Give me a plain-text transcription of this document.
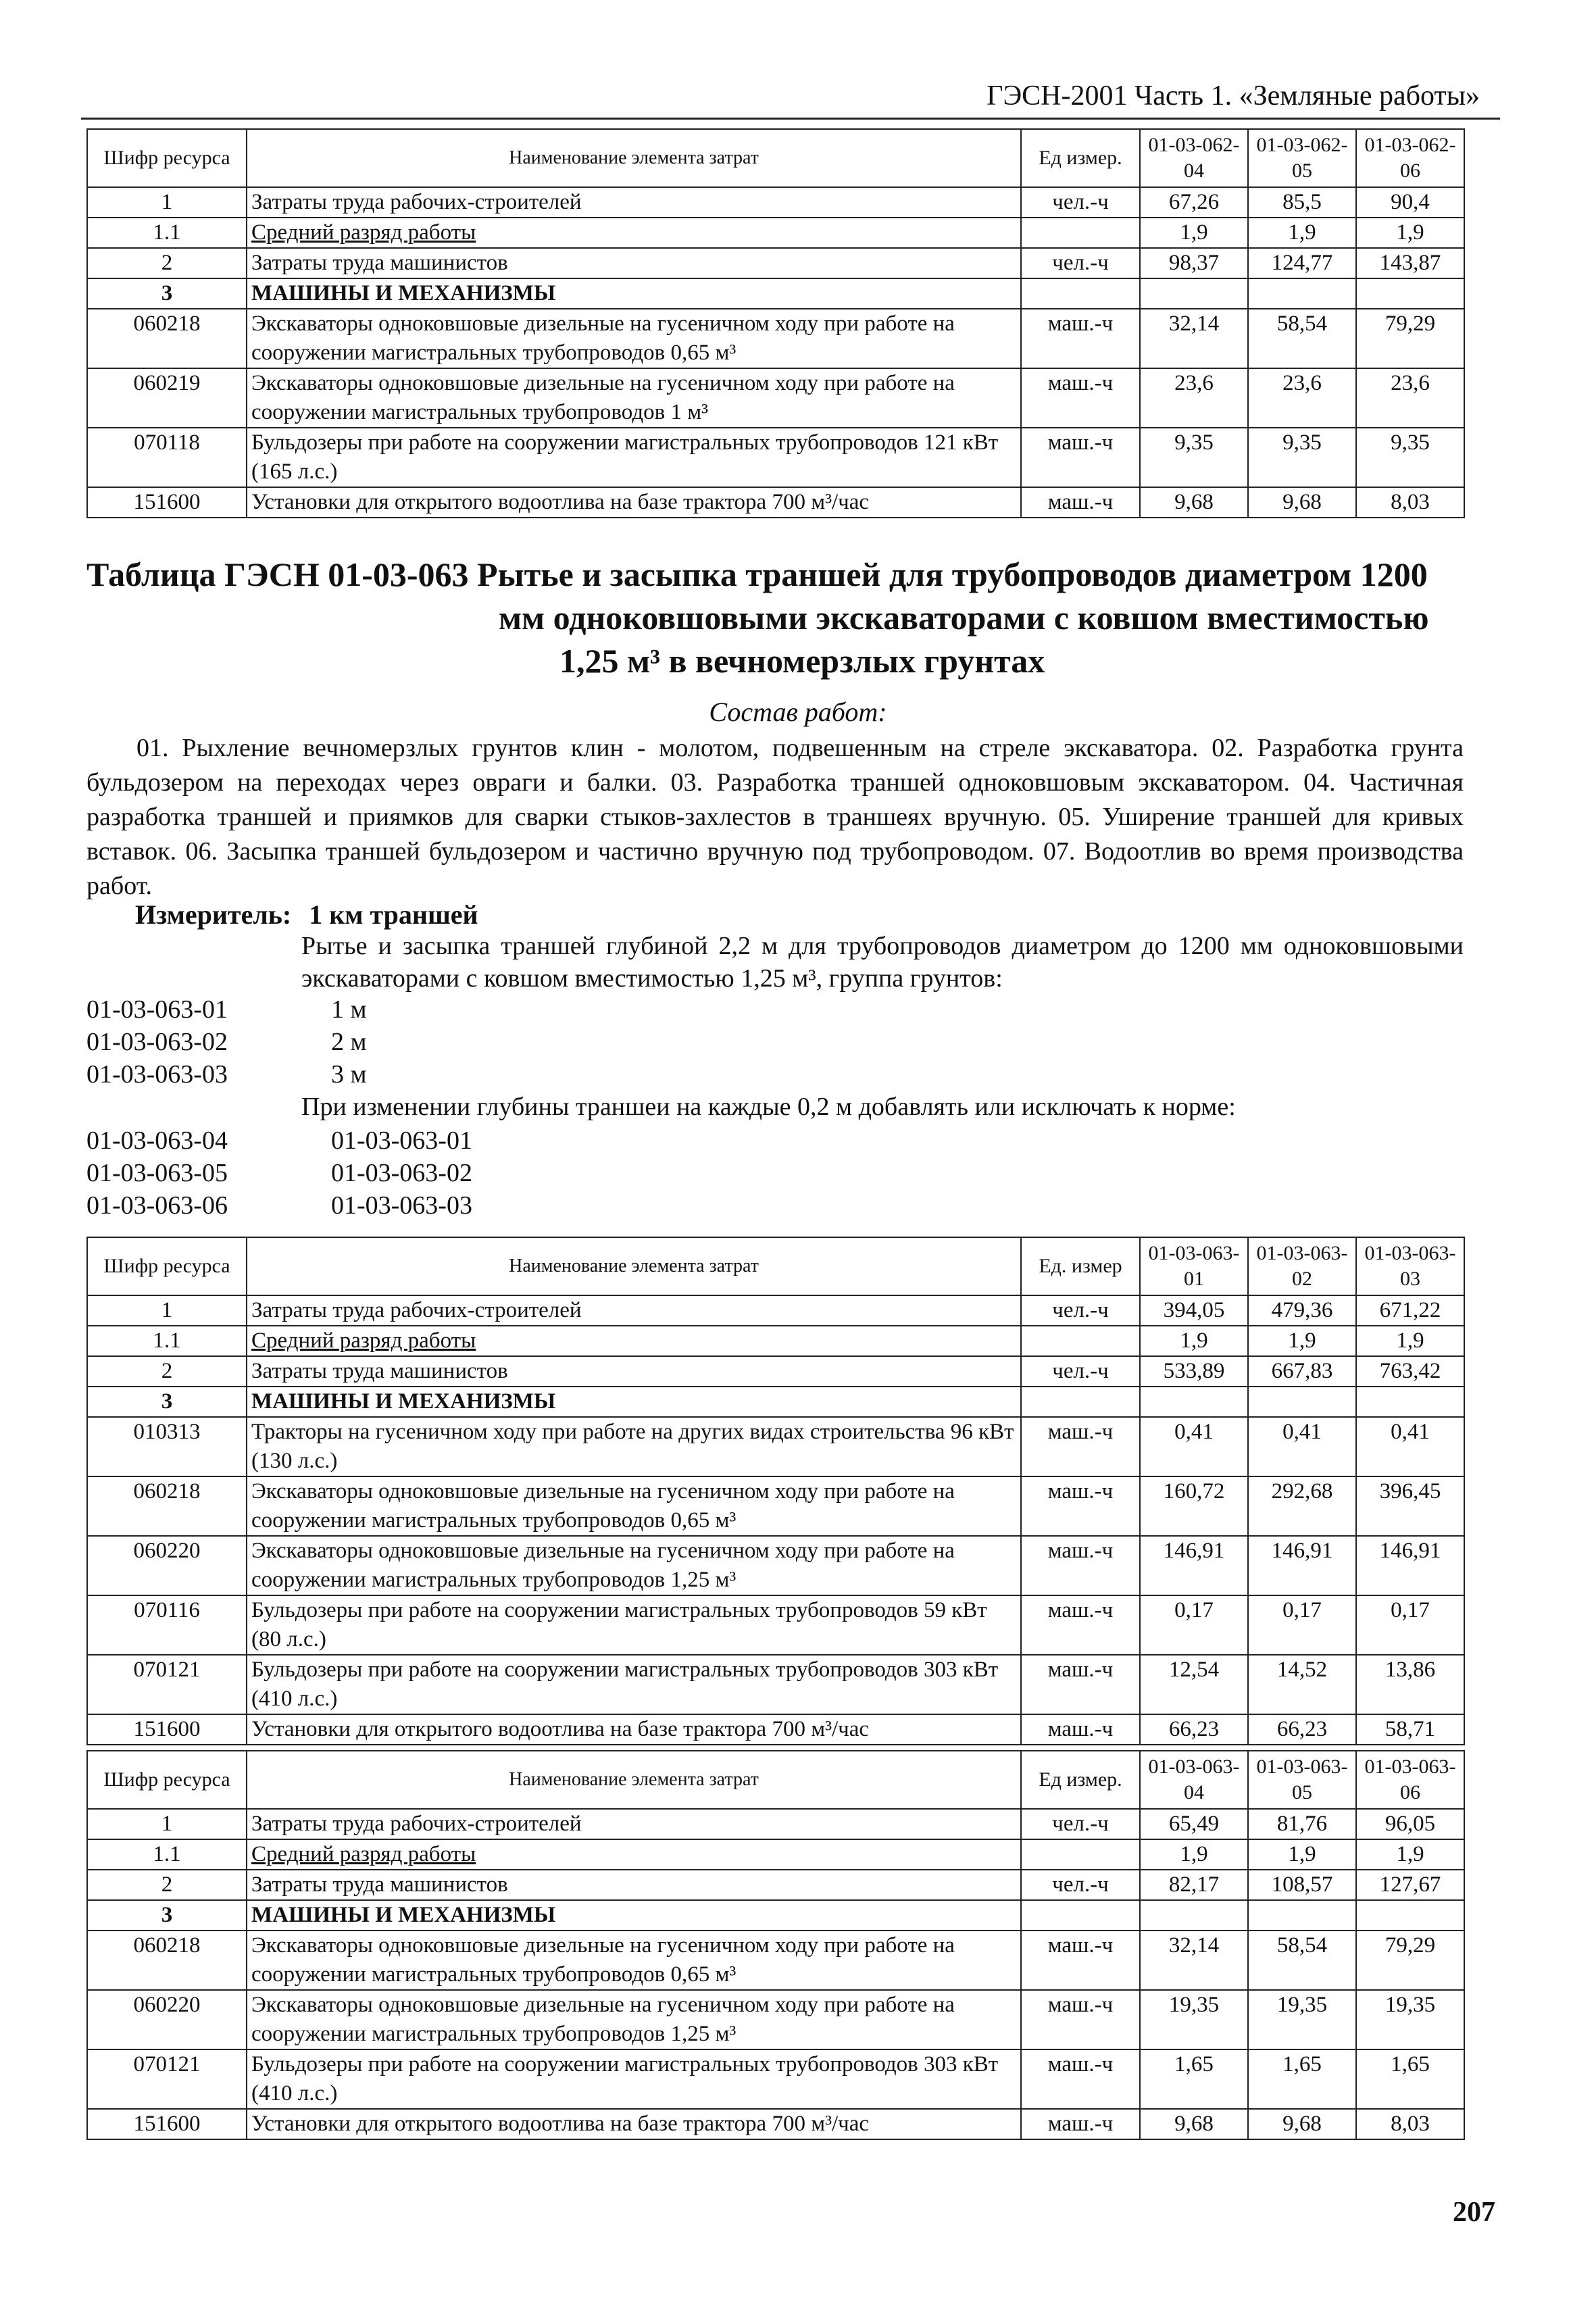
ГЭСН-2001 Часть 1. «Земляные работы»
Шифр ресурса	Наименование элемента затрат	Ед измер.	01-03-062-04	01-03-062-05	01-03-062-06
1	Затраты труда рабочих-строителей	чел.-ч	67,26	85,5	90,4
1.1	Средний разряд работы		1,9	1,9	1,9
2	Затраты труда машинистов	чел.-ч	98,37	124,77	143,87
3	МАШИНЫ И МЕХАНИЗМЫ				
060218	Экскаваторы одноковшовые дизельные на гусеничном ходу при работе на сооружении магистральных трубопроводов 0,65 м³	маш.-ч	32,14	58,54	79,29
060219	Экскаваторы одноковшовые дизельные на гусеничном ходу при работе на сооружении магистральных трубопроводов 1 м³	маш.-ч	23,6	23,6	23,6
070118	Бульдозеры при работе на сооружении магистральных трубопроводов 121 кВт (165 л.с.)	маш.-ч	9,35	9,35	9,35
151600	Установки для открытого водоотлива на базе трактора 700 м³/час	маш.-ч	9,68	9,68	8,03
Таблица ГЭСН 01-03-063 Рытье и засыпка траншей для трубопроводов диаметром 1200
мм одноковшовыми экскаваторами с ковшом вместимостью
1,25 м³ в вечномерзлых грунтах
Состав работ:
01. Рыхление вечномерзлых грунтов клин - молотом, подвешенным на стреле экскаватора. 02. Разработка грунта бульдозером на переходах через овраги и балки. 03. Разработка траншей одноковшовым экскаватором. 04. Частичная разработка траншей и приямков для сварки стыков-захлестов в траншеях вручную. 05. Уширение траншей для кривых вставок. 06. Засыпка траншей бульдозером и частично вручную под трубопроводом. 07. Водоотлив во время производства работ.
Измеритель: 1 км траншей
Рытье и засыпка траншей глубиной 2,2 м для трубопроводов диаметром до 1200 мм одноковшовыми экскаваторами с ковшом вместимостью 1,25 м³, группа грунтов:
01-03-063-01	1 м
01-03-063-02	2 м
01-03-063-03	3 м
При изменении глубины траншеи на каждые 0,2 м добавлять или исключать к норме:
01-03-063-04	01-03-063-01
01-03-063-05	01-03-063-02
01-03-063-06	01-03-063-03
Шифр ресурса	Наименование элемента затрат	Ед. измер	01-03-063-01	01-03-063-02	01-03-063-03
1	Затраты труда рабочих-строителей	чел.-ч	394,05	479,36	671,22
1.1	Средний разряд работы		1,9	1,9	1,9
2	Затраты труда машинистов	чел.-ч	533,89	667,83	763,42
3	МАШИНЫ И МЕХАНИЗМЫ				
010313	Тракторы на гусеничном ходу при работе на других видах строительства 96 кВт (130 л.с.)	маш.-ч	0,41	0,41	0,41
060218	Экскаваторы одноковшовые дизельные на гусеничном ходу при работе на сооружении магистральных трубопроводов 0,65 м³	маш.-ч	160,72	292,68	396,45
060220	Экскаваторы одноковшовые дизельные на гусеничном ходу при работе на сооружении магистральных трубопроводов 1,25 м³	маш.-ч	146,91	146,91	146,91
070116	Бульдозеры при работе на сооружении магистральных трубопроводов 59 кВт (80 л.с.)	маш.-ч	0,17	0,17	0,17
070121	Бульдозеры при работе на сооружении магистральных трубопроводов 303 кВт (410 л.с.)	маш.-ч	12,54	14,52	13,86
151600	Установки для открытого водоотлива на базе трактора 700 м³/час	маш.-ч	66,23	66,23	58,71
Шифр ресурса	Наименование элемента затрат	Ед измер.	01-03-063-04	01-03-063-05	01-03-063-06
1	Затраты труда рабочих-строителей	чел.-ч	65,49	81,76	96,05
1.1	Средний разряд работы		1,9	1,9	1,9
2	Затраты труда машинистов	чел.-ч	82,17	108,57	127,67
3	МАШИНЫ И МЕХАНИЗМЫ				
060218	Экскаваторы одноковшовые дизельные на гусеничном ходу при работе на сооружении магистральных трубопроводов 0,65 м³	маш.-ч	32,14	58,54	79,29
060220	Экскаваторы одноковшовые дизельные на гусеничном ходу при работе на сооружении магистральных трубопроводов 1,25 м³	маш.-ч	19,35	19,35	19,35
070121	Бульдозеры при работе на сооружении магистральных трубопроводов 303 кВт (410 л.с.)	маш.-ч	1,65	1,65	1,65
151600	Установки для открытого водоотлива на базе трактора 700 м³/час	маш.-ч	9,68	9,68	8,03
207
